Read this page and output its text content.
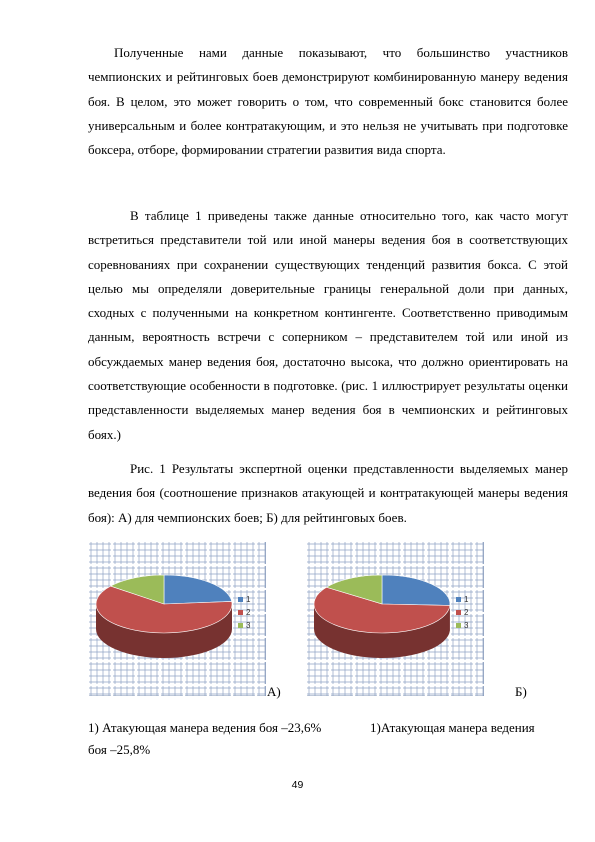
Полученные нами данные показывают, что большинство участников чемпионских и рейтинговых боев демонстрируют комбинированную манеру ведения боя. В целом, это может говорить о том, что современный бокс становится более универсальным и более контратакующим, и это нельзя не учитывать при подготовке боксера, отборе, формировании стратегии развития вида спорта.

В таблице 1 приведены также данные относительно того, как часто могут встретиться представители той или иной манеры ведения боя в соответствующих соревнованиях при сохранении существующих тенденций развития бокса. С этой целью мы определяли доверительные границы генеральной доли при данных, сходных с полученными на конкретном контингенте. Соответственно приводимым данным, вероятность встречи с соперником – представителем той или иной из обсуждаемых манер ведения боя, достаточно высока, что должно ориентировать на соответствующие особенности в подготовке. (рис. 1 иллюстрирует результаты оценки представленности выделяемых манер ведения боя в чемпионских и рейтинговых боях.)

Рис. 1 Результаты экспертной оценки представленности выделяемых манер ведения боя (соотношение признаков атакующей и контратакующей манеры ведения боя): А) для чемпионских боев; Б) для рейтинговых боев.

1
2
3
А)
1
2
3
Б)
1) Атакующая манера ведения боя –23,6%	1)Атакующая манера ведения
боя –25,8%
49
